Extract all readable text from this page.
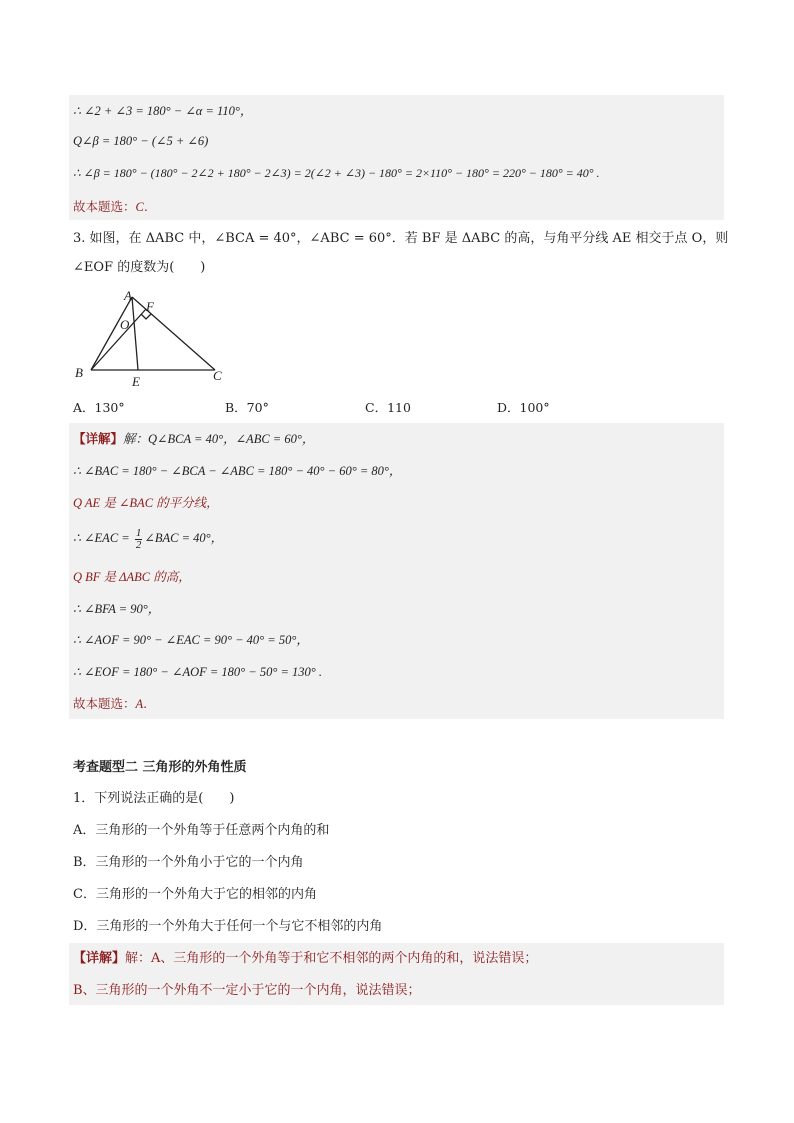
∴ ∠2 + ∠3 = 180° − ∠α = 110°，
Q∠β = 180° − (∠5 + ∠6)
∴ ∠β = 180° − (180° − 2∠2 + 180° − 2∠3) = 2(∠2 + ∠3) − 180° = 2×110° − 180° = 220° − 180° = 40° .
故本题选：C.
3. 如图，在 ΔABC 中，∠BCA = 40°，∠ABC = 60°．若 BF 是 ΔABC 的高，与角平分线 AE 相交于点 O，则
∠EOF 的度数为(　　)
A
F
O
B
E	C
A．130°	B．70°	C．110	D．100°
【详解】解：Q∠BCA = 40°，∠ABC = 60°，
∴ ∠BAC = 180° − ∠BCA − ∠ABC = 180° − 40° − 60° = 80°，
Q AE 是 ∠BAC 的平分线，
∴ ∠EAC = $\frac{1}{2}$ ∠BAC = 40°，
Q BF 是 ΔABC 的高，
∴ ∠BFA = 90°，
∴ ∠AOF = 90° − ∠EAC = 90° − 40° = 50°，
∴ ∠EOF = 180° − ∠AOF = 180° − 50° = 130° .
故本题选：A.
考查题型二 三角形的外角性质
1．下列说法正确的是(　　)
A．三角形的一个外角等于任意两个内角的和
B．三角形的一个外角小于它的一个内角
C．三角形的一个外角大于它的相邻的内角
D．三角形的一个外角大于任何一个与它不相邻的内角
【详解】解：A、三角形的一个外角等于和它不相邻的两个内角的和，说法错误；
B、三角形的一个外角不一定小于它的一个内角，说法错误；
